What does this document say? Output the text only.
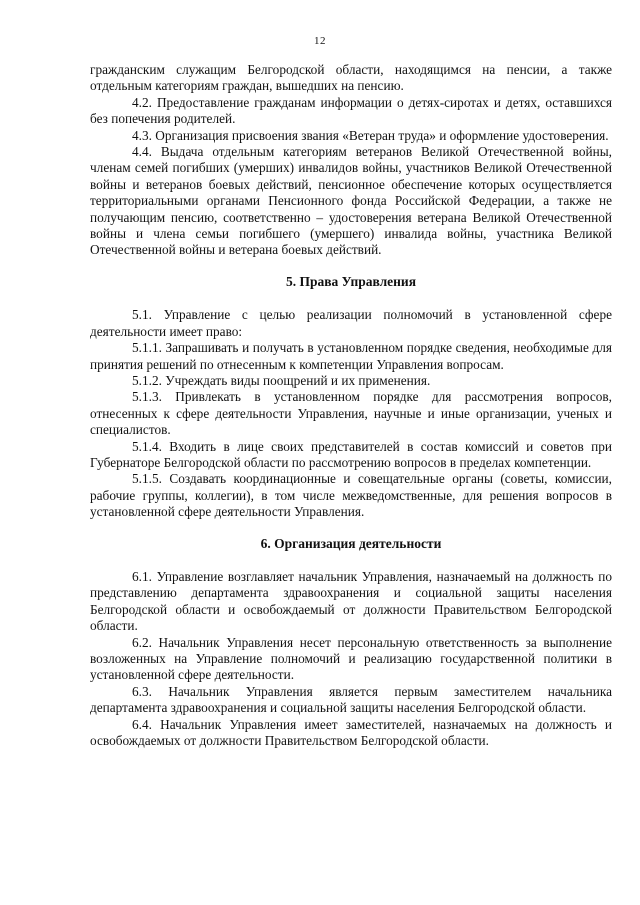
12

гражданским служащим Белгородской области, находящимся на пенсии, а также отдельным категориям граждан, вышедших на пенсию.

4.2. Предоставление гражданам информации о детях-сиротах и детях, оставшихся без попечения родителей.

4.3. Организация присвоения звания «Ветеран труда» и оформление удостоверения.

4.4. Выдача отдельным категориям ветеранов Великой Отечественной войны, членам семей погибших (умерших) инвалидов войны, участников Великой Отечественной войны и ветеранов боевых действий, пенсионное обеспечение которых осуществляется территориальными органами Пенсионного фонда Российской Федерации, а также не получающим пенсию, соответственно – удостоверения ветерана Великой Отечественной войны и члена семьи погибшего (умершего) инвалида войны, участника Великой Отечественной войны и ветерана боевых действий.

5. Права Управления

5.1. Управление с целью реализации полномочий в установленной сфере деятельности имеет право:

5.1.1. Запрашивать и получать в установленном порядке сведения, необходимые для принятия решений по отнесенным к компетенции Управления вопросам.

5.1.2. Учреждать виды поощрений и их применения.

5.1.3. Привлекать в установленном порядке для рассмотрения вопросов, отнесенных к сфере деятельности Управления, научные и иные организации, ученых и специалистов.

5.1.4. Входить в лице своих представителей в состав комиссий и советов при Губернаторе Белгородской области по рассмотрению вопросов в пределах компетенции.

5.1.5. Создавать координационные и совещательные органы (советы, комиссии, рабочие группы, коллегии), в том числе межведомственные, для решения вопросов в установленной сфере деятельности Управления.

6. Организация деятельности

6.1. Управление возглавляет начальник Управления, назначаемый на должность по представлению департамента здравоохранения и социальной защиты населения Белгородской области и освобождаемый от должности Правительством Белгородской области.

6.2. Начальник Управления несет персональную ответственность за выполнение возложенных на Управление полномочий и реализацию государственной политики в установленной сфере деятельности.

6.3. Начальник Управления является первым заместителем начальника департамента здравоохранения и социальной защиты населения Белгородской области.

6.4. Начальник Управления имеет заместителей, назначаемых на должность и освобождаемых от должности Правительством Белгородской области.
